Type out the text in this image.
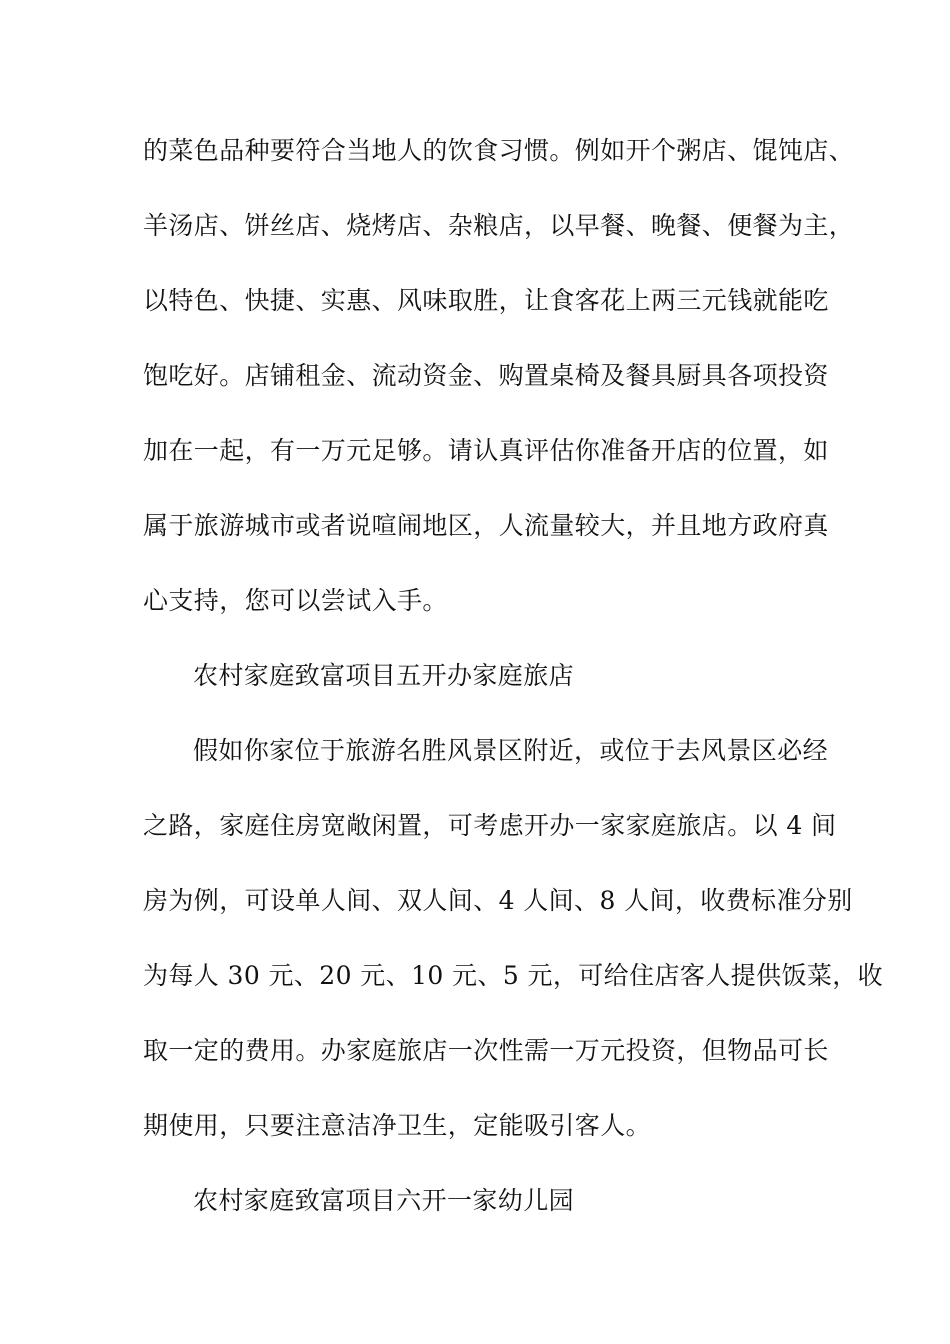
的菜色品种要符合当地人的饮食习惯。例如开个粥店、馄饨店、
羊汤店、饼丝店、烧烤店、杂粮店，以早餐、晚餐、便餐为主，
以特色、快捷、实惠、风味取胜，让食客花上两三元钱就能吃
饱吃好。店铺租金、流动资金、购置桌椅及餐具厨具各项投资
加在一起，有一万元足够。请认真评估你准备开店的位置，如
属于旅游城市或者说喧闹地区，人流量较大，并且地方政府真
心支持，您可以尝试入手。
农村家庭致富项目五开办家庭旅店
假如你家位于旅游名胜风景区附近，或位于去风景区必经
之路，家庭住房宽敞闲置，可考虑开办一家家庭旅店。以 4 间
房为例，可设单人间、双人间、4 人间、8 人间，收费标准分别
为每人 30 元、20 元、10 元、5 元，可给住店客人提供饭菜，收
取一定的费用。办家庭旅店一次性需一万元投资，但物品可长
期使用，只要注意洁净卫生，定能吸引客人。
农村家庭致富项目六开一家幼儿园
